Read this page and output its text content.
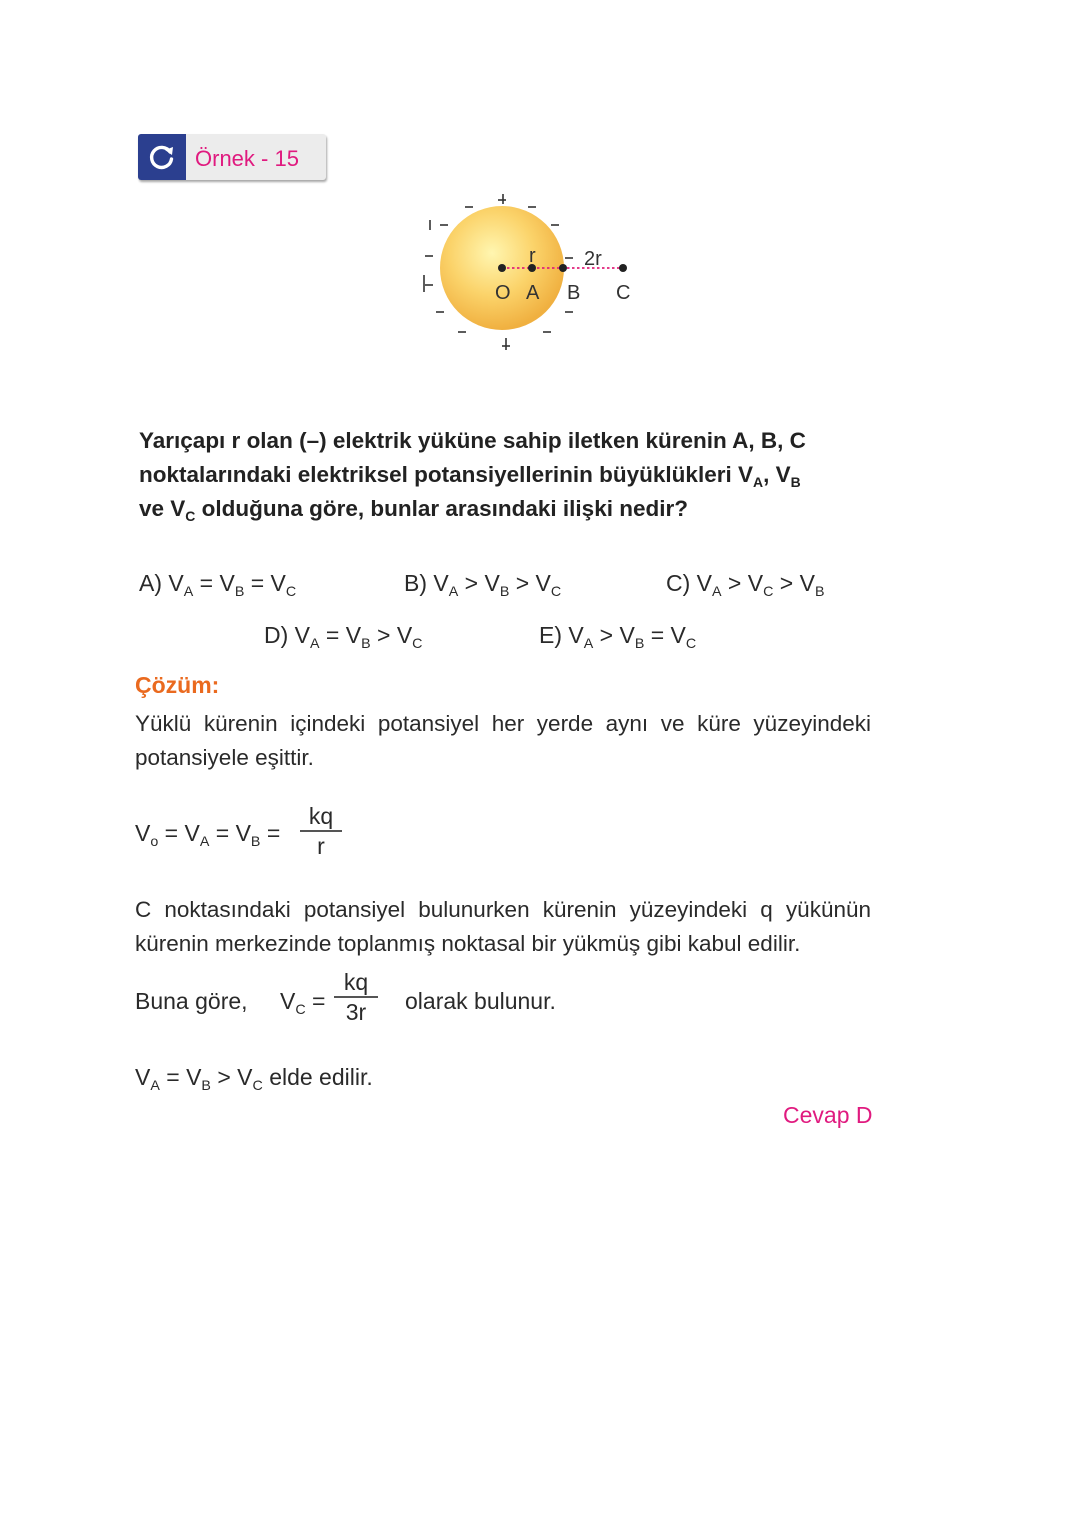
Örnek - 15
r 2r
O A B C
Yarıçapı r olan (–) elektrik yüküne sahip iletken kürenin A, B, C
noktalarındaki elektriksel potansiyellerinin büyüklükleri $V_A$, $V_B$
ve $V_C$ olduğuna göre, bunlar arasındaki ilişki nedir?
A) $V_A = V_B = V_C$	B) $V_A > V_B > V_C$	C) $V_A > V_C > V_B$
D) $V_A = V_B > V_C$	E) $V_A > V_B = V_C$
Çözüm:
Yüklü kürenin içindeki potansiyel her yerde aynı ve küre yüzeyindeki potansiyele eşittir.
$V_o = V_A = V_B$ =
kq
r
C noktasındaki potansiyel bulunurken kürenin yüzeyindeki q yükünün kürenin merkezinde toplanmış noktasal bir yükmüş gibi kabul edilir.
Buna göre, $V_C$ =
kq
3r	olarak bulunur.
$V_A = V_B > V_C$ elde edilir.
Cevap D
